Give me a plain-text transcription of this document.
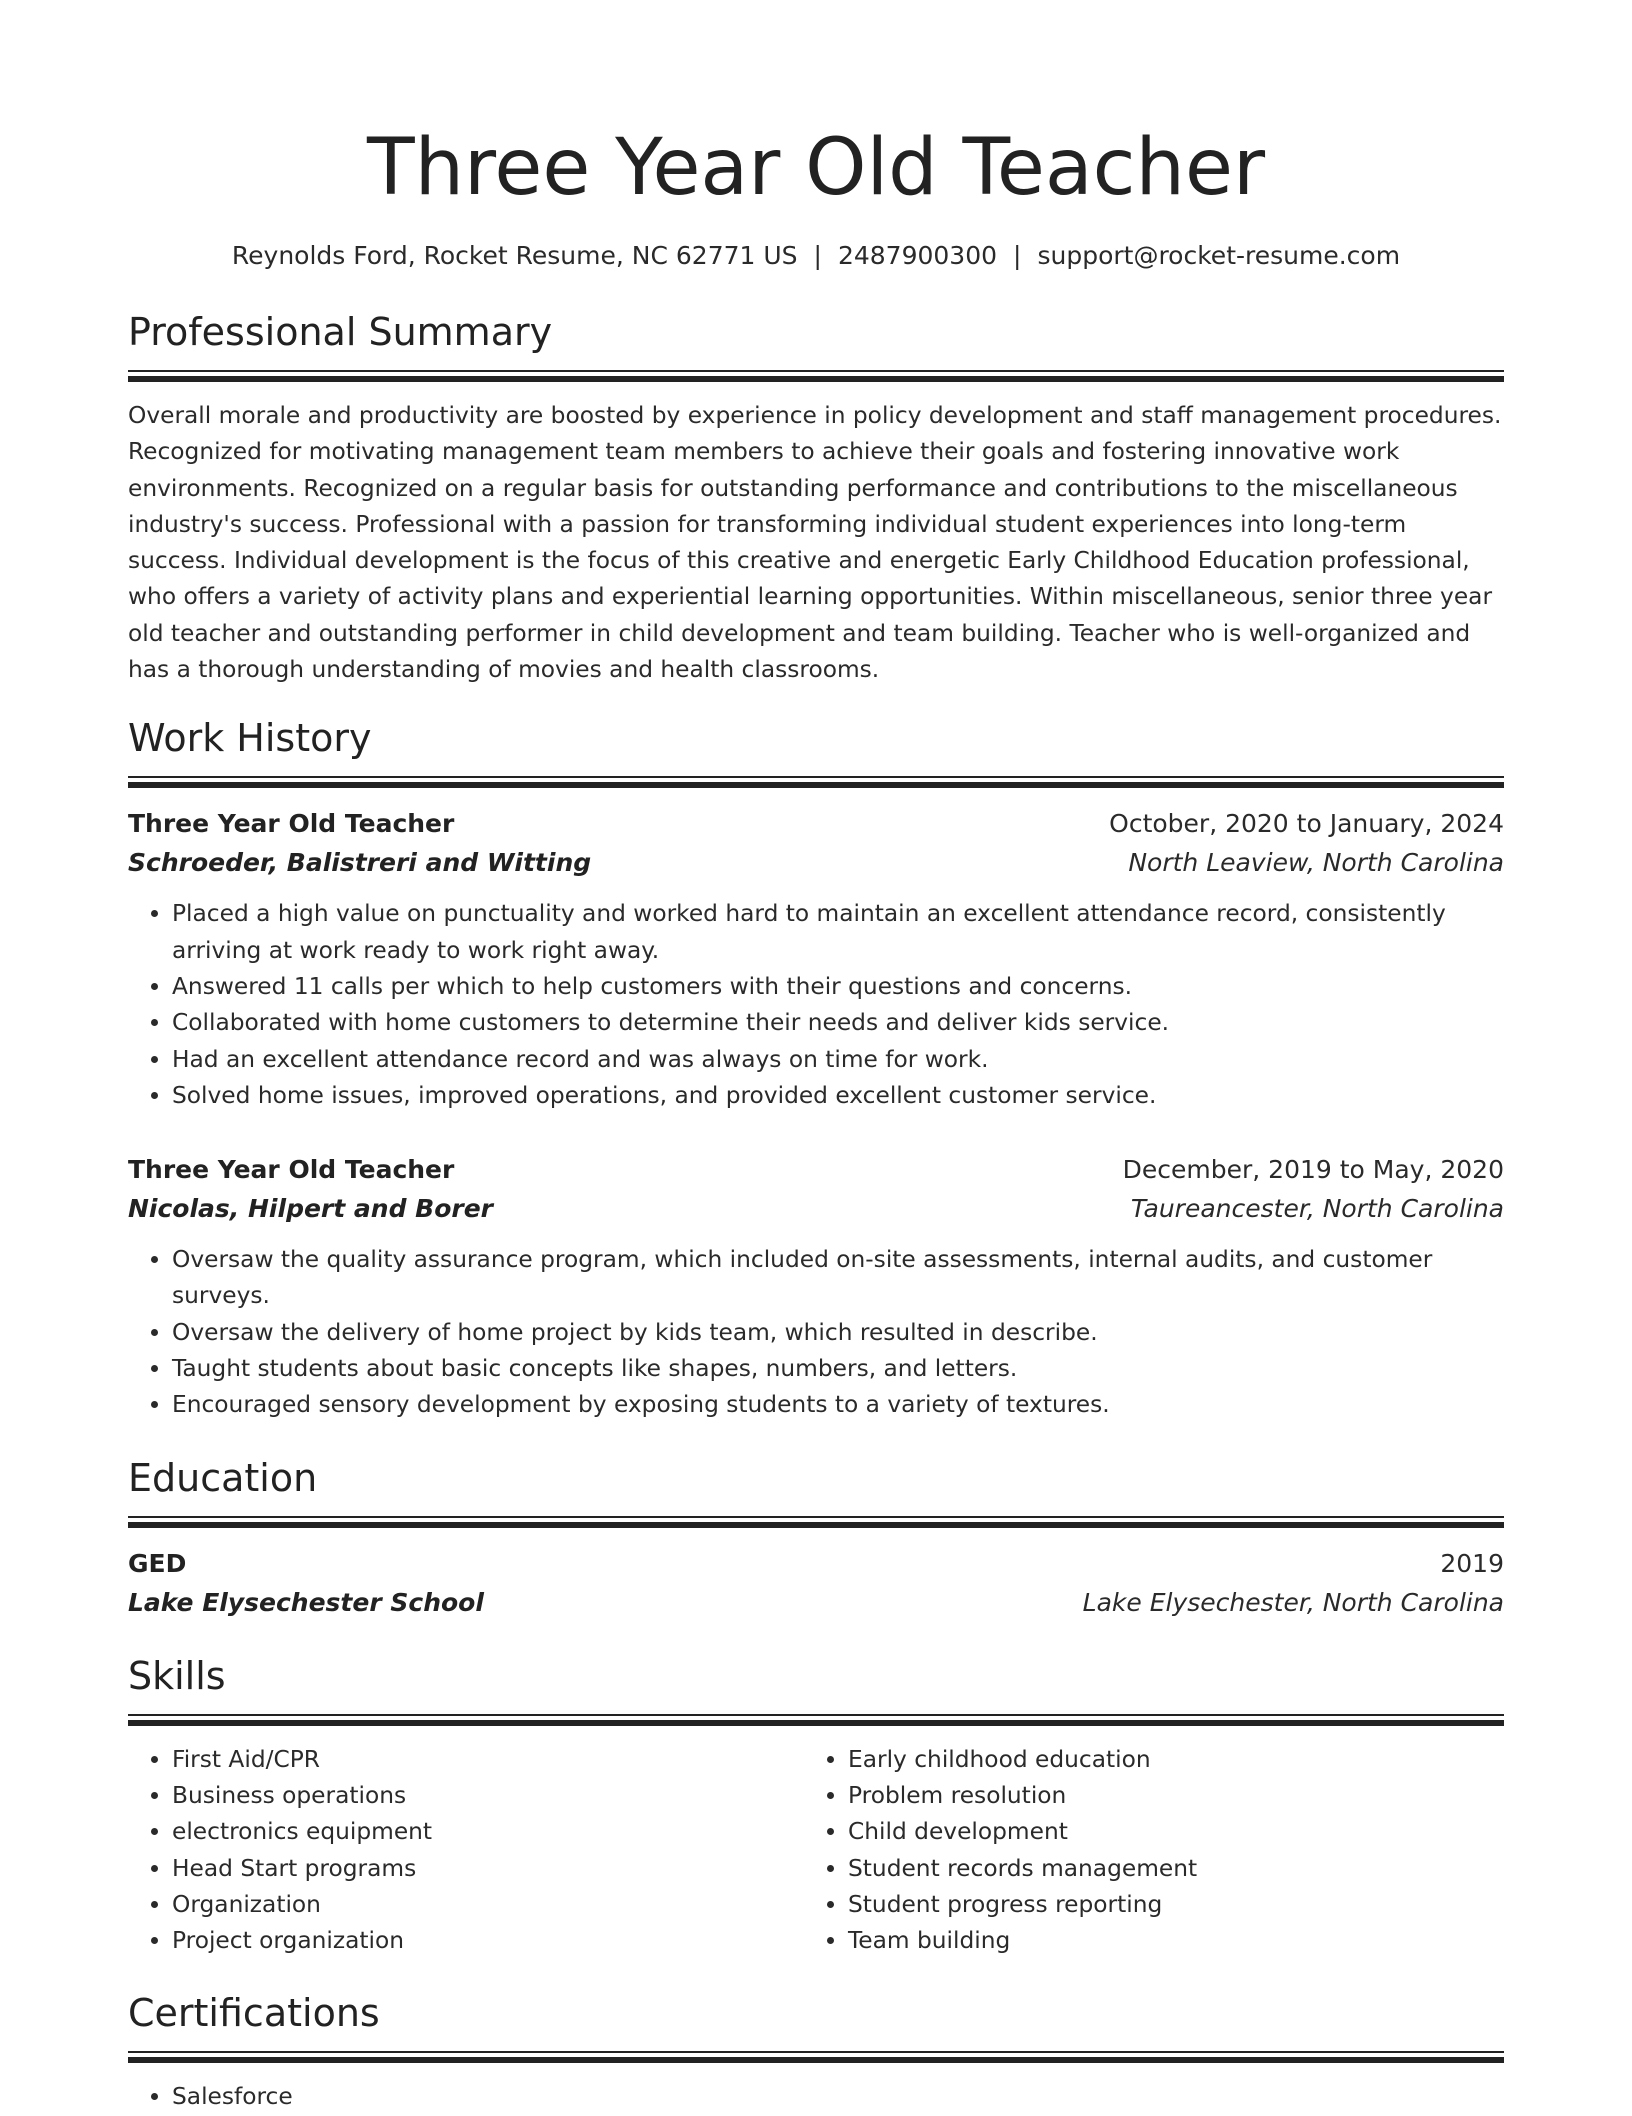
Three Year Old Teacher
Reynolds Ford, Rocket Resume, NC 62771 US | 2487900300 | support@rocket-resume.com
Professional Summary
Overall morale and productivity are boosted by experience in policy development and staff management procedures. Recognized for motivating management team members to achieve their goals and fostering innovative work environments. Recognized on a regular basis for outstanding performance and contributions to the miscellaneous industry's success. Professional with a passion for transforming individual student experiences into long-term success. Individual development is the focus of this creative and energetic Early Childhood Education professional, who offers a variety of activity plans and experiential learning opportunities. Within miscellaneous, senior three year old teacher and outstanding performer in child development and team building. Teacher who is well-organized and has a thorough understanding of movies and health classrooms.
Work History
Three Year Old Teacher	October, 2020 to January, 2024
Schroeder, Balistreri and Witting	North Leaview, North Carolina
• Placed a high value on punctuality and worked hard to maintain an excellent attendance record, consistently arriving at work ready to work right away.
• Answered 11 calls per which to help customers with their questions and concerns.
• Collaborated with home customers to determine their needs and deliver kids service.
• Had an excellent attendance record and was always on time for work.
• Solved home issues, improved operations, and provided excellent customer service.
Three Year Old Teacher	December, 2019 to May, 2020
Nicolas, Hilpert and Borer	Taureancester, North Carolina
• Oversaw the quality assurance program, which included on-site assessments, internal audits, and customer surveys.
• Oversaw the delivery of home project by kids team, which resulted in describe.
• Taught students about basic concepts like shapes, numbers, and letters.
• Encouraged sensory development by exposing students to a variety of textures.
Education
GED	2019
Lake Elysechester School	Lake Elysechester, North Carolina
Skills
• First Aid/CPR
• Business operations
• electronics equipment
• Head Start programs
• Organization
• Project organization
• Early childhood education
• Problem resolution
• Child development
• Student records management
• Student progress reporting
• Team building
Certifications
• Salesforce
